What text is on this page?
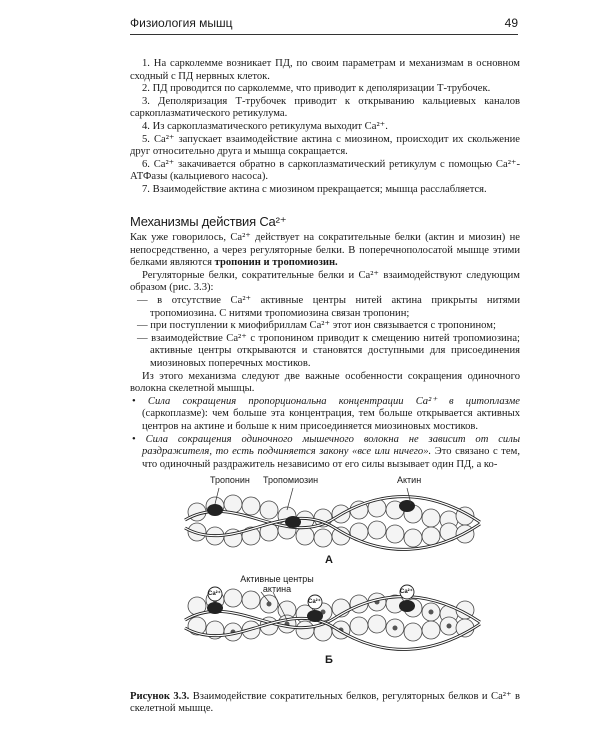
Физиология мышц	49

1. На сарколемме возникает ПД, по своим параметрам и механизмам в основном сходный с ПД нервных клеток.

2. ПД проводится по сарколемме, что приводит к деполяризации Т-трубочек.

3. Деполяризация Т-трубочек приводит к открыванию кальциевых каналов саркоплазматического ретикулума.

4. Из саркоплазматического ретикулума выходит Ca²⁺.

5. Ca²⁺ запускает взаимодействие актина с миозином, происходит их скольжение друг относительно друга и мышца сокращается.

6. Ca²⁺ закачивается обратно в саркоплазматический ретикулум с помощью Ca²⁺-АТФазы (кальциевого насоса).

7. Взаимодействие актина с миозином прекращается; мышца расслабляется.

Механизмы действия Ca²⁺

Как уже говорилось, Ca²⁺ действует на сократительные белки (актин и миозин) не непосредственно, а через регуляторные белки. В поперечнополосатой мышце этими белками являются тропонин и тропомиозин.

Регуляторные белки, сократительные белки и Ca²⁺ взаимодействуют следующим образом (рис. 3.3):

— в отсутствие Ca²⁺ активные центры нитей актина прикрыты нитями тропомиозина. С нитями тропомиозина связан тропонин;

— при поступлении к миофибриллам Ca²⁺ этот ион связывается с тропонином;

— взаимодействие Ca²⁺ с тропонином приводит к смещению нитей тропомиозина; активные центры открываются и становятся доступными для присоединения миозиновых поперечных мостиков.

Из этого механизма следуют две важные особенности сокращения одиночного волокна скелетной мышцы.

• Сила сокращения пропорциональна концентрации Ca²⁺ в цитоплазме (саркоплазме): чем больше эта концентрация, тем больше открывается активных центров на актине и больше к ним присоединяется миозиновых мостиков.

• Сила сокращения одиночного мышечного волокна не зависит от силы раздражителя, то есть подчиняется закону «все или ничего». Это связано с тем, что одиночный раздражитель независимо от его силы вызывает один ПД, а ко-

Тропонин Тропомиозин	Актин
А
Активные центры актина
Ca²⁺
Ca²⁺
Ca²⁺
Б

Рисунок 3.3. Взаимодействие сократительных белков, регуляторных белков и Ca²⁺ в скелетной мышце.
